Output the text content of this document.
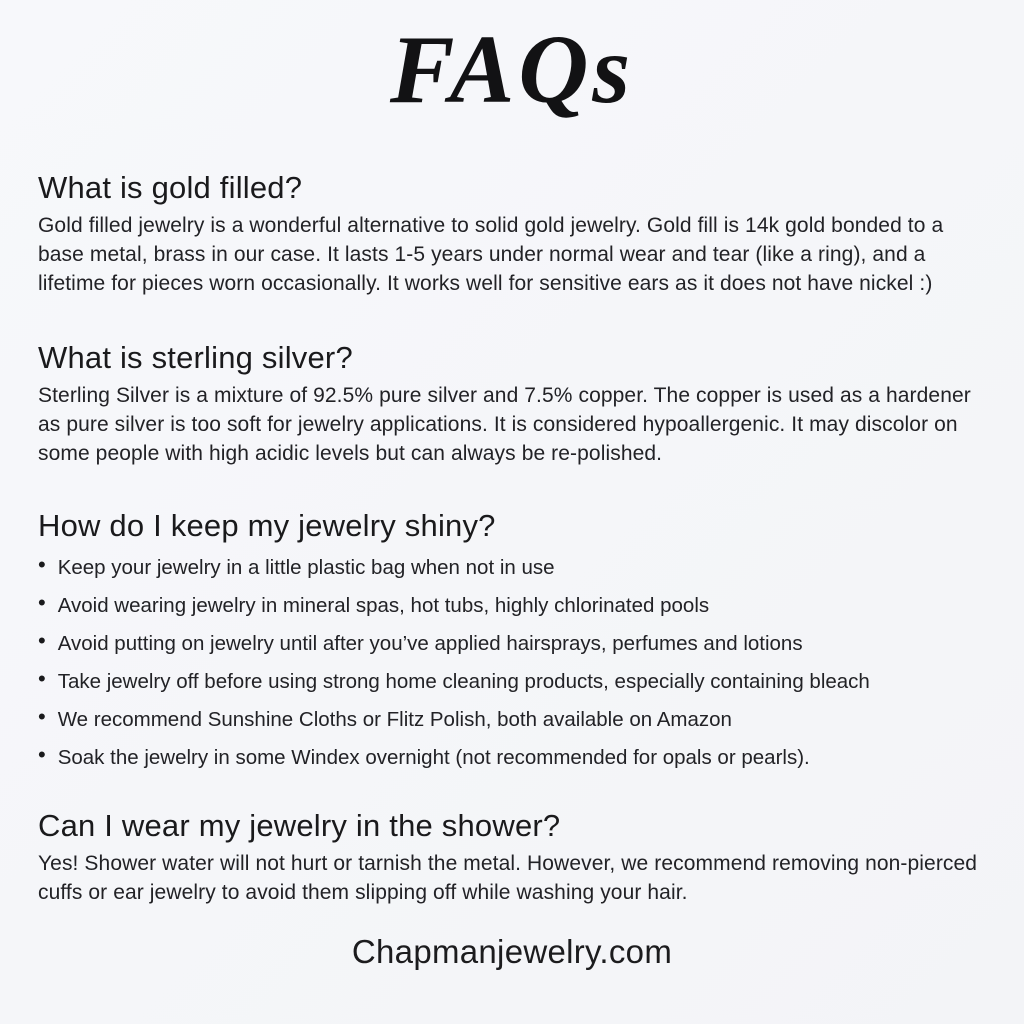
FAQs
What is gold filled?

Gold filled jewelry is a wonderful alternative to solid gold jewelry. Gold fill is 14k gold bonded to a base metal, brass in our case. It lasts 1-5 years under normal wear and tear (like a ring), and a lifetime for pieces worn occasionally. It works well for sensitive ears as it does not have nickel :)

What is sterling silver?

Sterling Silver is a mixture of 92.5% pure silver and 7.5% copper. The copper is used as a hardener as pure silver is too soft for jewelry applications. It is considered hypoallergenic. It may discolor on some people with high acidic levels but can always be re-polished.

How do I keep my jewelry shiny?
• Keep your jewelry in a little plastic bag when not in use
• Avoid wearing jewelry in mineral spas, hot tubs, highly chlorinated pools
• Avoid putting on jewelry until after you’ve applied hairsprays, perfumes and lotions
• Take jewelry off before using strong home cleaning products, especially containing bleach
• We recommend Sunshine Cloths or Flitz Polish, both available on Amazon
• Soak the jewelry in some Windex overnight (not recommended for opals or pearls).
Can I wear my jewelry in the shower?

Yes! Shower water will not hurt or tarnish the metal. However, we recommend removing non-pierced cuffs or ear jewelry to avoid them slipping off while washing your hair.

Chapmanjewelry.com
